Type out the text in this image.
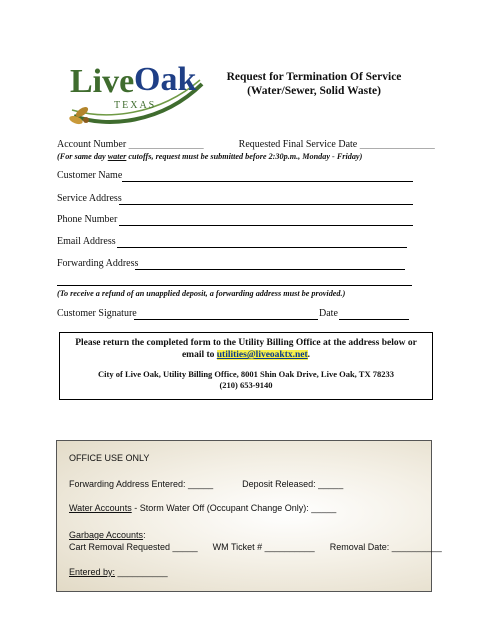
Live Oak
TEXAS
Request for Termination Of Service
(Water/Sewer, Solid Waste)
Account Number _______________	Requested Final Service Date _______________
(For same day water cutoffs, request must be submitted before 2:30p.m., Monday - Friday)
Customer Name
Service Address
Phone Number
Email Address
Forwarding Address
(To receive a refund of an unapplied deposit, a forwarding address must be provided.)
Customer Signature	Date
Please return the completed form to the Utility Billing Office at the address below or
email to utilities@liveoaktx.net.
City of Live Oak, Utility Billing Office, 8001 Shin Oak Drive, Live Oak, TX 78233
(210) 653-9140
OFFICE USE ONLY
Forwarding Address Entered: _____	Deposit Released: _____
Water Accounts - Storm Water Off (Occupant Change Only): _____
Garbage Accounts:
Cart Removal Requested _____ WM Ticket # __________ Removal Date: __________
Entered by: __________
